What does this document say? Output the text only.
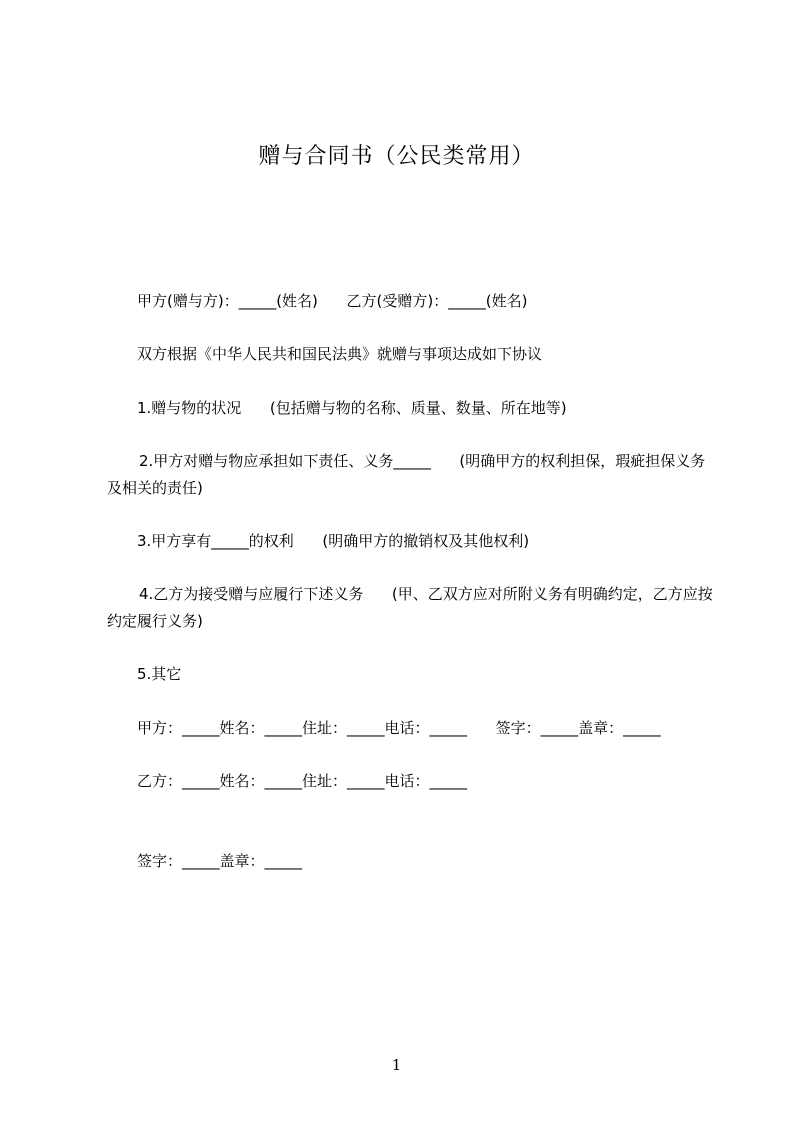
赠与合同书（公民类常用）
甲方(赠与方)：_____(姓名)      乙方(受赠方)：_____(姓名)
双方根据《中华人民共和国民法典》就赠与事项达成如下协议
1.赠与物的状况      (包括赠与物的名称、质量、数量、所在地等)
2.甲方对赠与物应承担如下责任、义务_____      (明确甲方的权利担保，瑕疵担保义务及相关的责任)
3.甲方享有_____的权利      (明确甲方的撤销权及其他权利)
4.乙方为接受赠与应履行下述义务      (甲、乙双方应对所附义务有明确约定，乙方应按约定履行义务)
5.其它
甲方：_____姓名：_____住址：_____电话：_____      签字：_____盖章：_____
乙方：_____姓名：_____住址：_____电话：_____
签字：_____盖章：_____
1
